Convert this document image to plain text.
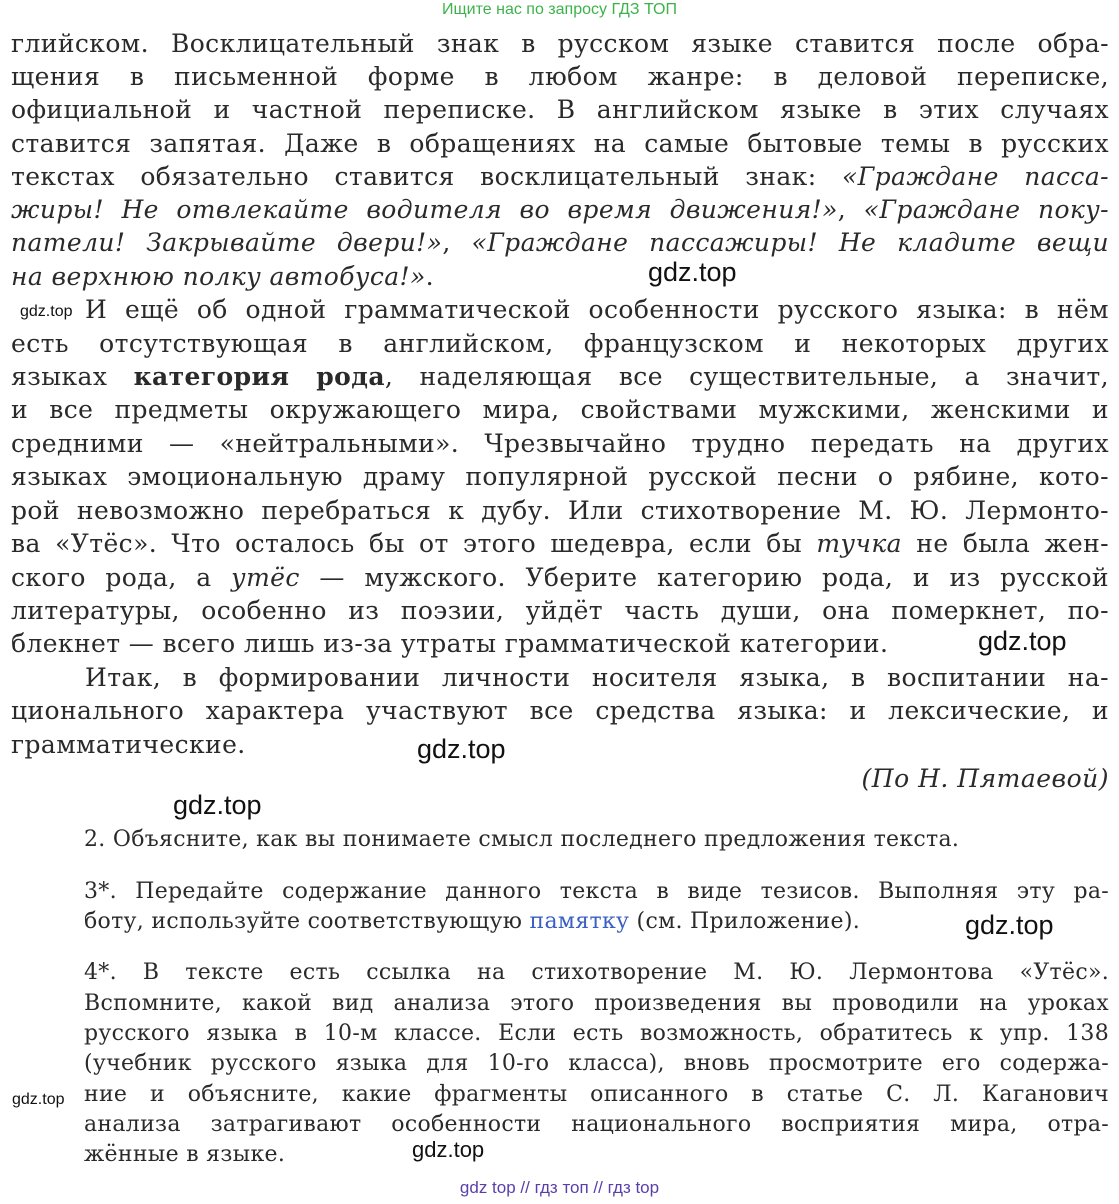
Ищите нас по запросу ГДЗ ТОП
глийском. Восклицательный знак в русском языке ставится после обра-
щения в письменной форме в любом жанре: в деловой переписке,
официальной и частной переписке. В английском языке в этих случаях
ставится запятая. Даже в обращениях на самые бытовые темы в русских
текстах обязательно ставится восклицательный знак: «Граждане пасса-
жиры! Не отвлекайте водителя во время движения!», «Граждане поку-
патели! Закрывайте двери!», «Граждане пассажиры! Не кладите вещи
на верхнюю полку автобуса!».
И ещё об одной грамматической особенности русского языка: в нём
есть отсутствующая в английском, французском и некоторых других
языках категория рода, наделяющая все существительные, а значит,
и все предметы окружающего мира, свойствами мужскими, женскими и
средними — «нейтральными». Чрезвычайно трудно передать на других
языках эмоциональную драму популярной русской песни о рябине, кото-
рой невозможно перебраться к дубу. Или стихотворение М. Ю. Лермонто-
ва «Утёс». Что осталось бы от этого шедевра, если бы тучка не была жен-
ского рода, а утёс — мужского. Уберите категорию рода, и из русской
литературы, особенно из поэзии, уйдёт часть души, она померкнет, по-
блекнет — всего лишь из-за утраты грамматической категории.
Итак, в формировании личности носителя языка, в воспитании на-
ционального характера участвуют все средства языка: и лексические, и
грамматические.
(По Н. Пятаевой)
2. Объясните, как вы понимаете смысл последнего предложения текста.
3*. Передайте содержание данного текста в виде тезисов. Выполняя эту ра-
боту, используйте соответствующую памятку (см. Приложение).
4*. В тексте есть ссылка на стихотворение М. Ю. Лермонтова «Утёс».
Вспомните, какой вид анализа этого произведения вы проводили на уроках
русского языка в 10-м классе. Если есть возможность, обратитесь к упр. 138
(учебник русского языка для 10-го класса), вновь просмотрите его содержа-
ние и объясните, какие фрагменты описанного в статье С. Л. Каганович
анализа затрагивают особенности национального восприятия мира, отра-
жённые в языке.
gdz.top
gdz.top
gdz.top
gdz.top
gdz.top
gdz.top
gdz.top
gdz.top
gdz top // гдз топ // гдз top
